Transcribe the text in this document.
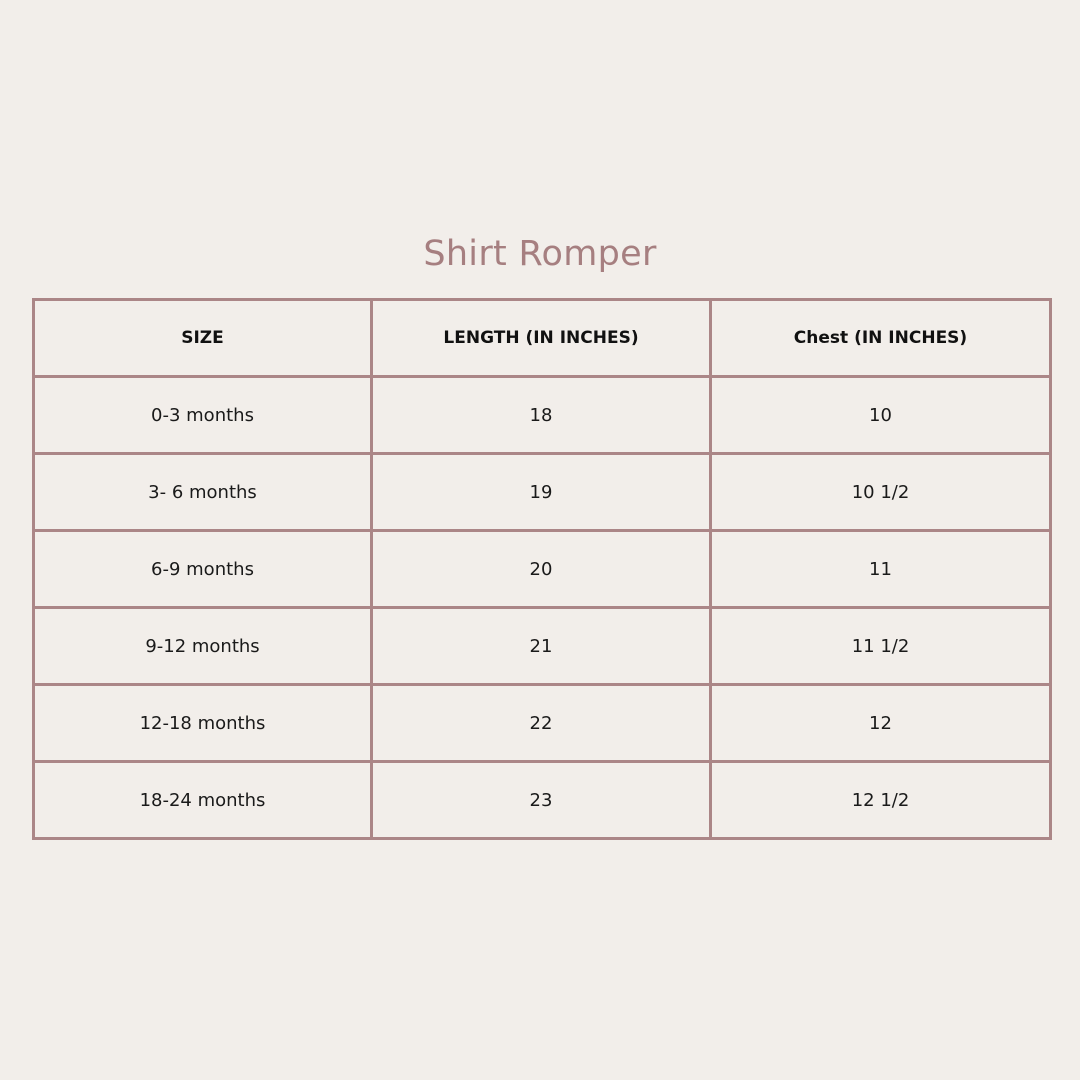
Shirt Romper
SIZE	LENGTH (IN INCHES)	Chest (IN INCHES)
0-3 months	18	10
3- 6 months	19	10 1/2
6-9 months	20	11
9-12 months	21	11 1/2
12-18 months	22	12
18-24 months	23	12 1/2
